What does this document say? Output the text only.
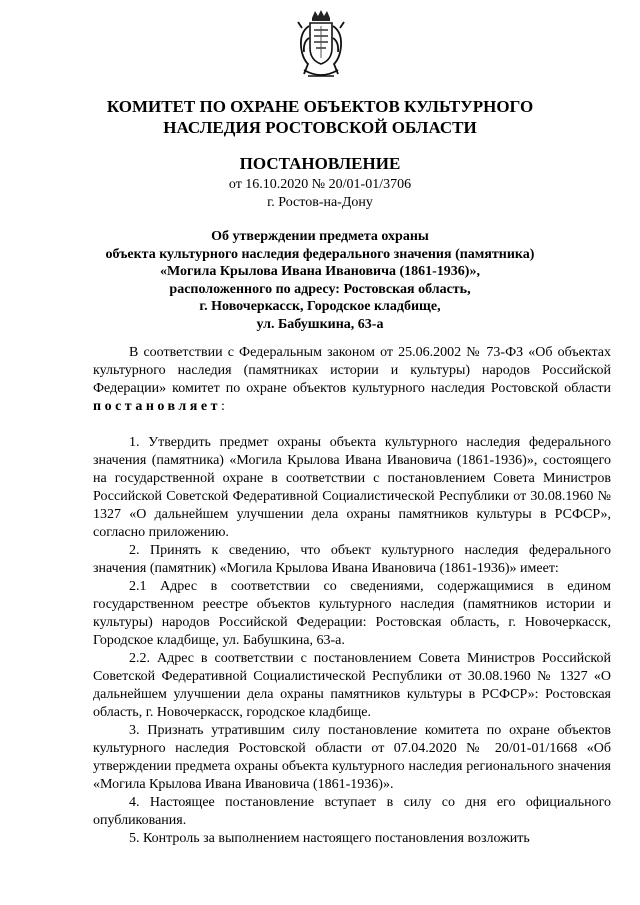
КОМИТЕТ ПО ОХРАНЕ ОБЪЕКТОВ КУЛЬТУРНОГО
НАСЛЕДИЯ РОСТОВСКОЙ ОБЛАСТИ
ПОСТАНОВЛЕНИЕ
от 16.10.2020 № 20/01-01/3706
г. Ростов-на-Дону
Об утверждении предмета охраны
объекта культурного наследия федерального значения (памятника)
«Могила Крылова Ивана Ивановича (1861-1936)»,
расположенного по адресу: Ростовская область,
г. Новочеркасск, Городское кладбище,
ул. Бабушкина, 63-а

В соответствии с Федеральным законом от 25.06.2002 № 73-ФЗ «Об объектах культурного наследия (памятниках истории и культуры) народов Российской Федерации» комитет по охране объектов культурного наследия Ростовской области постановляет:

1. Утвердить предмет охраны объекта культурного наследия федерального значения (памятника) «Могила Крылова Ивана Ивановича (1861-1936)», состоящего на государственной охране в соответствии с постановлением Совета Министров Российской Советской Федеративной Социалистической Республики от 30.08.1960 № 1327 «О дальнейшем улучшении дела охраны памятников культуры в РСФСР», согласно приложению.

2. Принять к сведению, что объект культурного наследия федерального значения (памятник) «Могила Крылова Ивана Ивановича (1861-1936)» имеет:

2.1 Адрес в соответствии со сведениями, содержащимися в едином государственном реестре объектов культурного наследия (памятников истории и культуры) народов Российской Федерации: Ростовская область, г. Новочеркасск, Городское кладбище, ул. Бабушкина, 63-а.

2.2. Адрес в соответствии с постановлением Совета Министров Российской Советской Федеративной Социалистической Республики от 30.08.1960 № 1327 «О дальнейшем улучшении дела охраны памятников культуры в РСФСР»: Ростовская область, г. Новочеркасск, городское кладбище.

3. Признать утратившим силу постановление комитета по охране объектов культурного наследия Ростовской области от 07.04.2020 № 20/01-01/1668 «Об утверждении предмета охраны объекта культурного наследия регионального значения «Могила Крылова Ивана Ивановича (1861-1936)».

4. Настоящее постановление вступает в силу со дня его официального опубликования.

5. Контроль за выполнением настоящего постановления возложить
